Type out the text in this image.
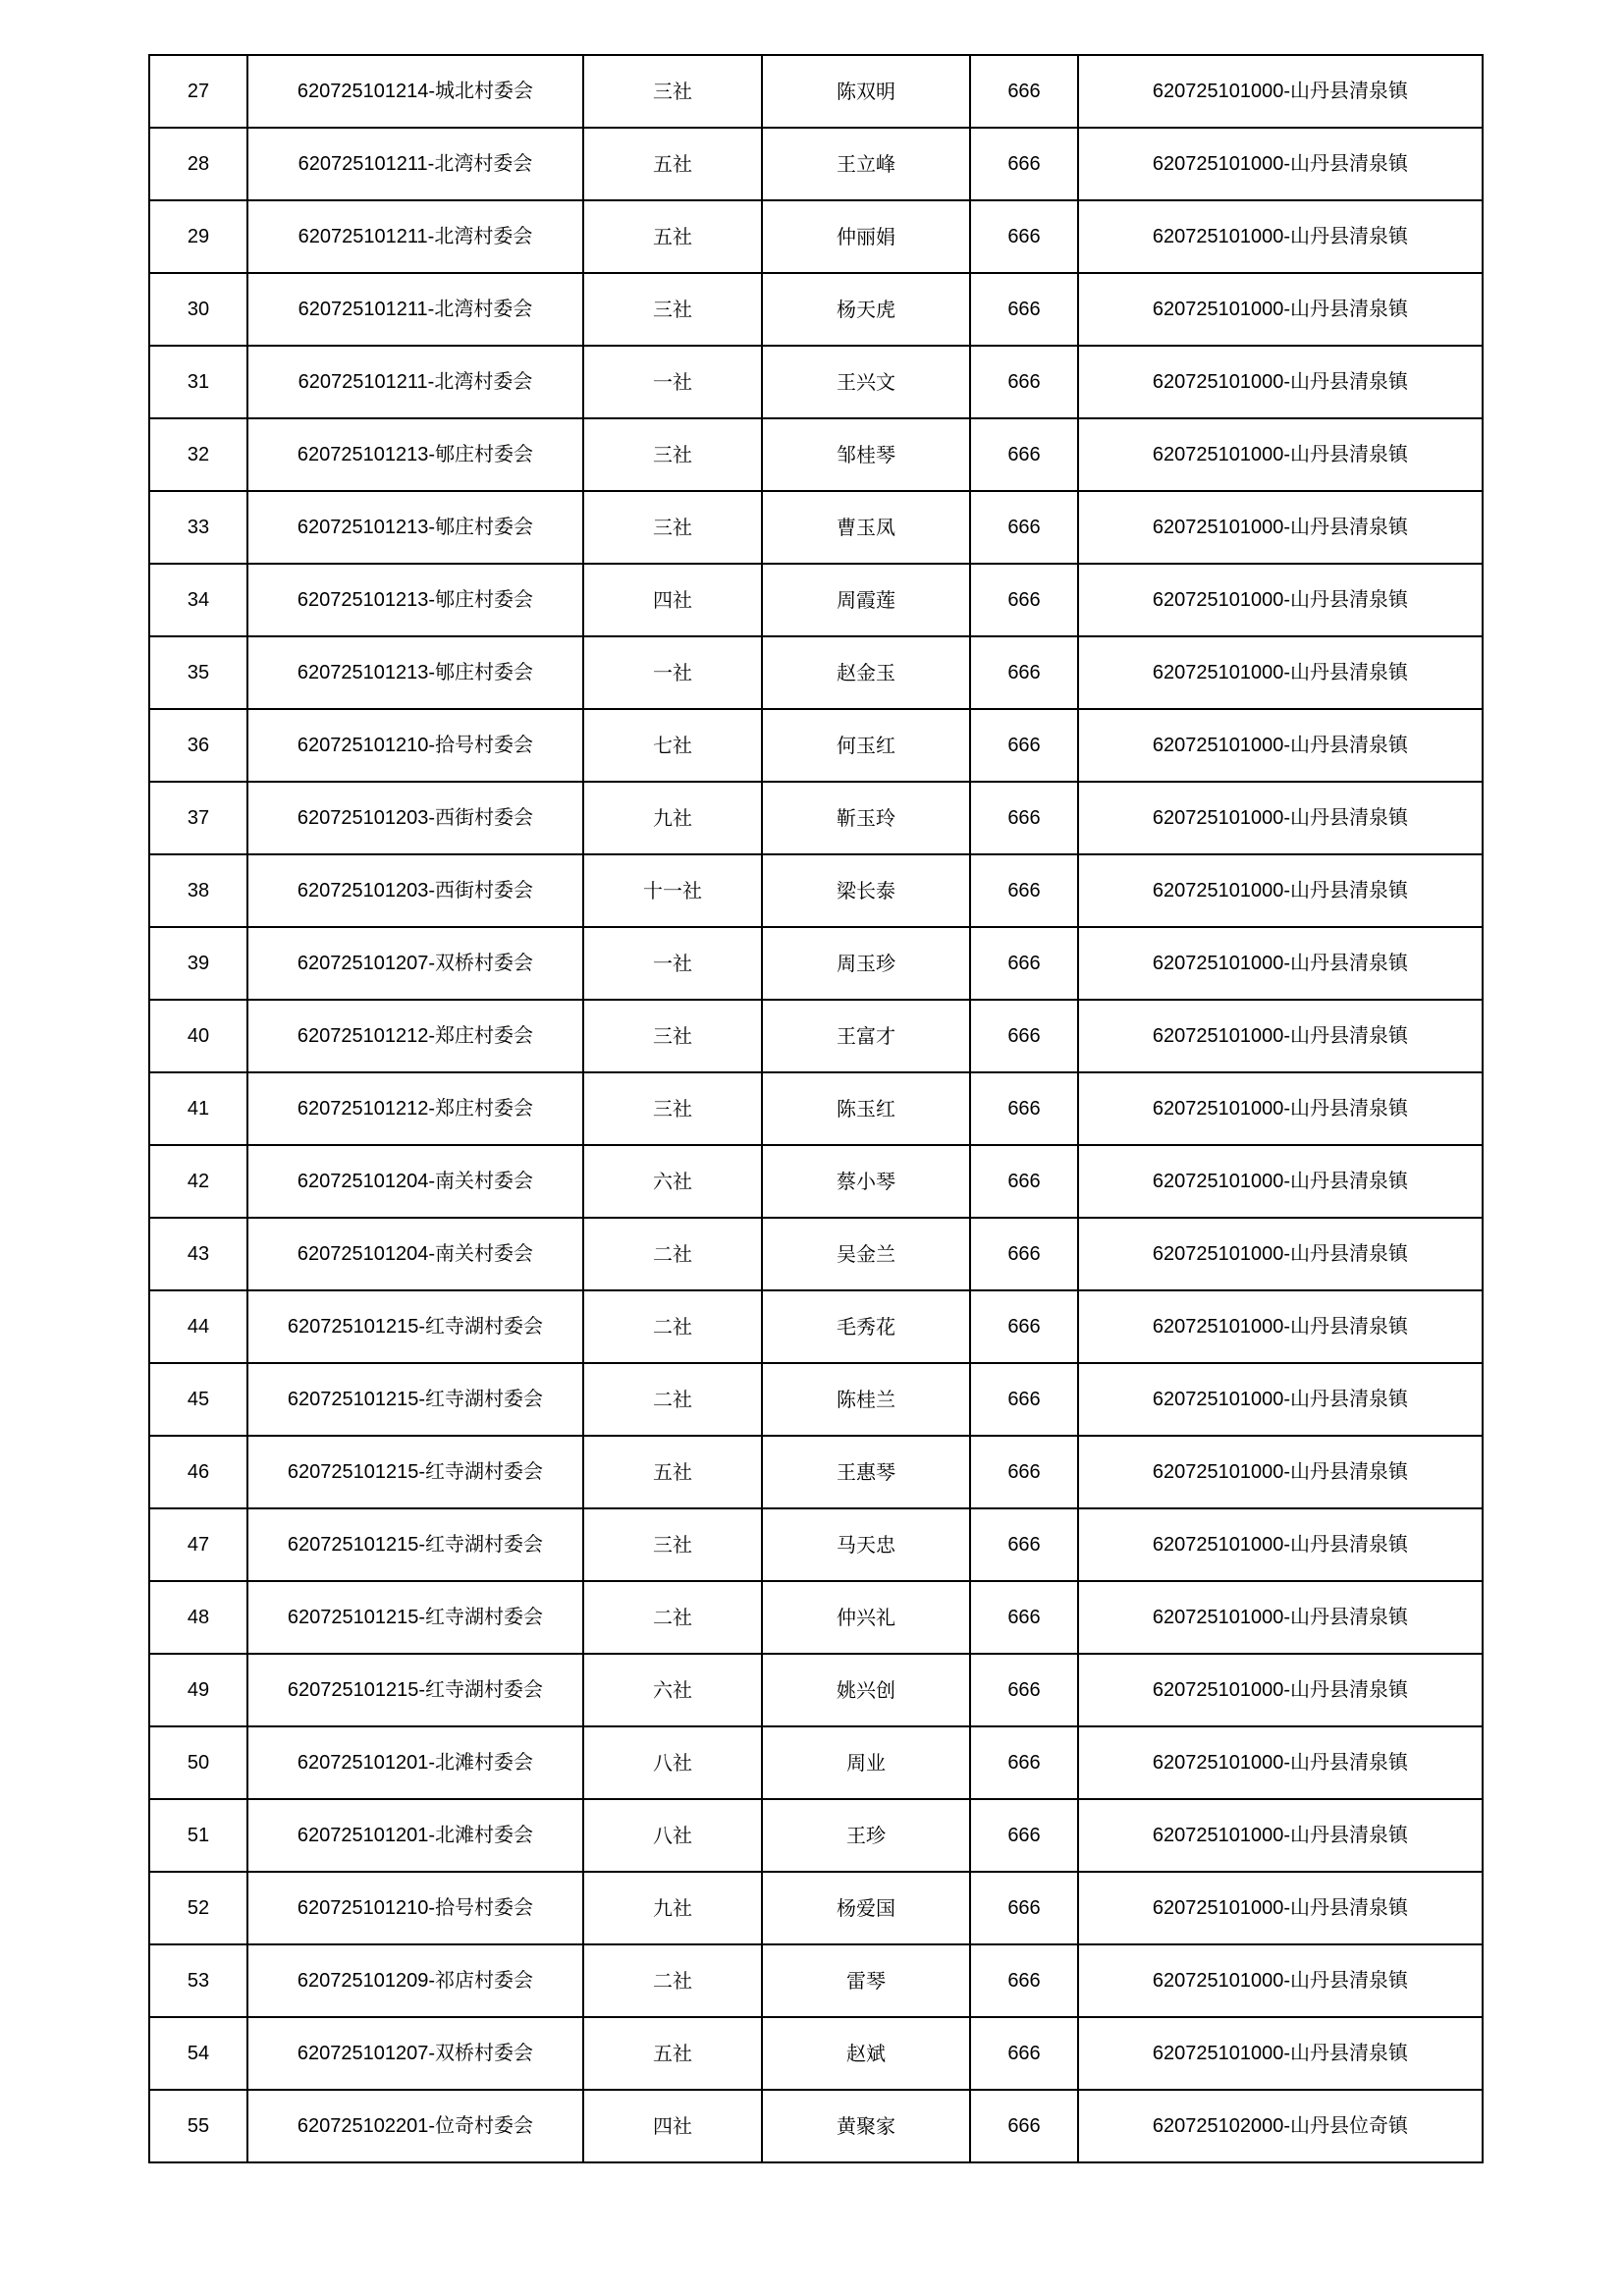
27	620725101214-城北村委会	三社	陈双明	666	620725101000-山丹县清泉镇
28	620725101211-北湾村委会	五社	王立峰	666	620725101000-山丹县清泉镇
29	620725101211-北湾村委会	五社	仲丽娟	666	620725101000-山丹县清泉镇
30	620725101211-北湾村委会	三社	杨天虎	666	620725101000-山丹县清泉镇
31	620725101211-北湾村委会	一社	王兴文	666	620725101000-山丹县清泉镇
32	620725101213-郇庄村委会	三社	邹桂琴	666	620725101000-山丹县清泉镇
33	620725101213-郇庄村委会	三社	曹玉凤	666	620725101000-山丹县清泉镇
34	620725101213-郇庄村委会	四社	周霞莲	666	620725101000-山丹县清泉镇
35	620725101213-郇庄村委会	一社	赵金玉	666	620725101000-山丹县清泉镇
36	620725101210-拾号村委会	七社	何玉红	666	620725101000-山丹县清泉镇
37	620725101203-西街村委会	九社	靳玉玲	666	620725101000-山丹县清泉镇
38	620725101203-西街村委会	十一社	梁长泰	666	620725101000-山丹县清泉镇
39	620725101207-双桥村委会	一社	周玉珍	666	620725101000-山丹县清泉镇
40	620725101212-郑庄村委会	三社	王富才	666	620725101000-山丹县清泉镇
41	620725101212-郑庄村委会	三社	陈玉红	666	620725101000-山丹县清泉镇
42	620725101204-南关村委会	六社	蔡小琴	666	620725101000-山丹县清泉镇
43	620725101204-南关村委会	二社	吴金兰	666	620725101000-山丹县清泉镇
44	620725101215-红寺湖村委会	二社	毛秀花	666	620725101000-山丹县清泉镇
45	620725101215-红寺湖村委会	二社	陈桂兰	666	620725101000-山丹县清泉镇
46	620725101215-红寺湖村委会	五社	王惠琴	666	620725101000-山丹县清泉镇
47	620725101215-红寺湖村委会	三社	马天忠	666	620725101000-山丹县清泉镇
48	620725101215-红寺湖村委会	二社	仲兴礼	666	620725101000-山丹县清泉镇
49	620725101215-红寺湖村委会	六社	姚兴创	666	620725101000-山丹县清泉镇
50	620725101201-北滩村委会	八社	周业	666	620725101000-山丹县清泉镇
51	620725101201-北滩村委会	八社	王珍	666	620725101000-山丹县清泉镇
52	620725101210-拾号村委会	九社	杨爱国	666	620725101000-山丹县清泉镇
53	620725101209-祁店村委会	二社	雷琴	666	620725101000-山丹县清泉镇
54	620725101207-双桥村委会	五社	赵斌	666	620725101000-山丹县清泉镇
55	620725102201-位奇村委会	四社	黄聚家	666	620725102000-山丹县位奇镇
